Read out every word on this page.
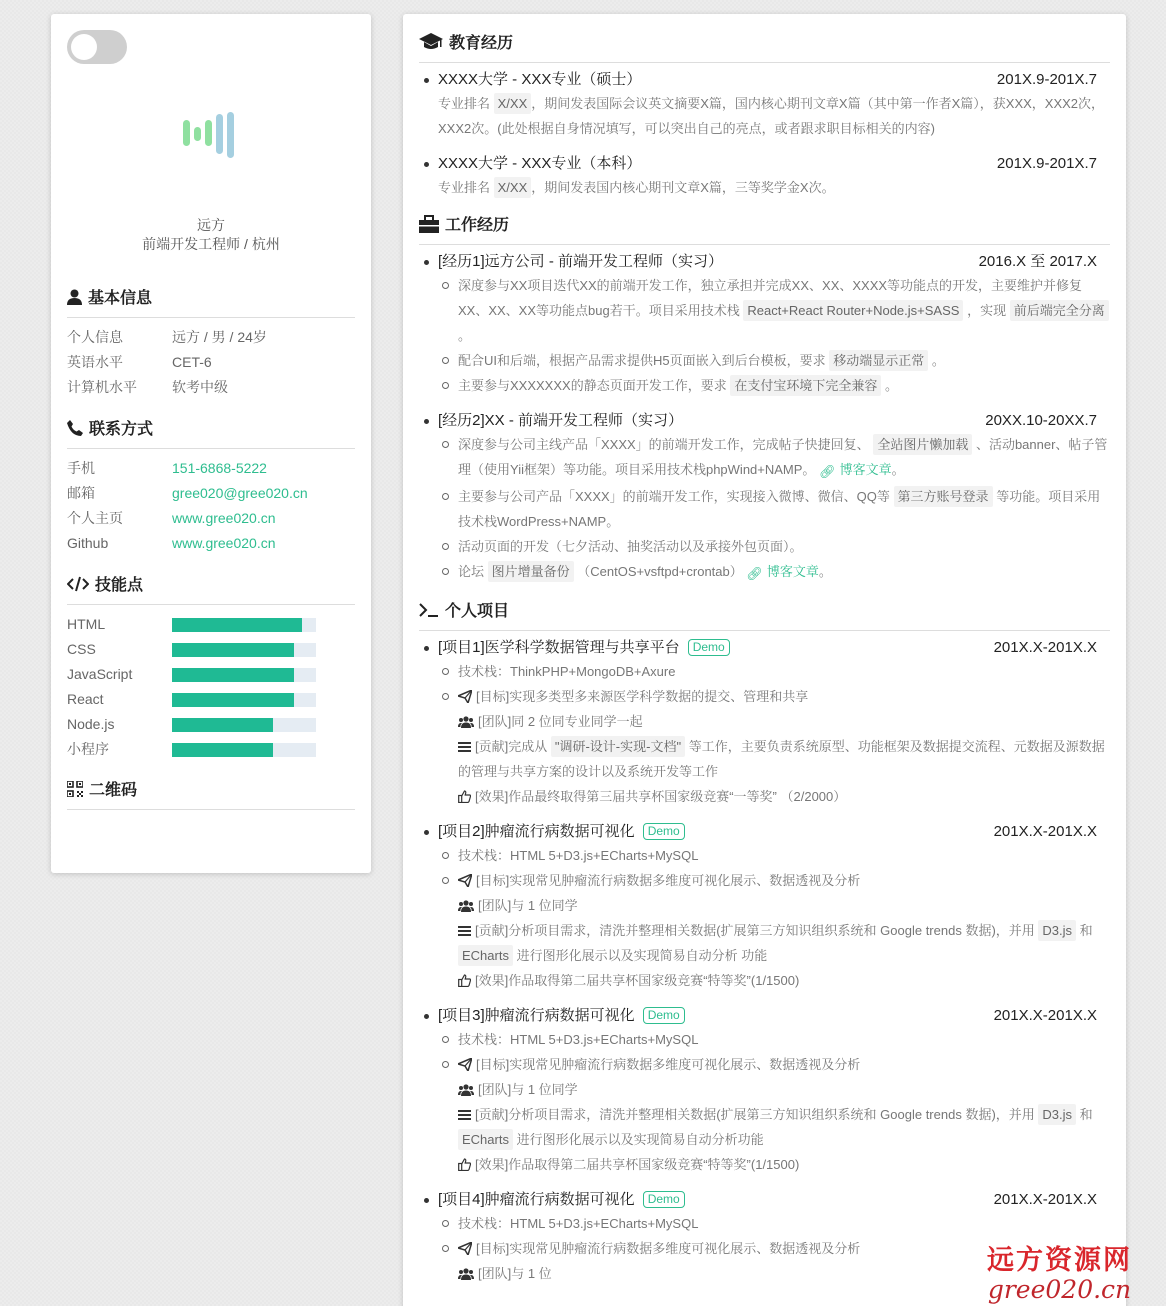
远方
前端开发工程师 / 杭州
基本信息
个人信息	远方 / 男 / 24岁
英语水平	CET-6
计算机水平	软考中级
联系方式
手机	151-6868-5222
邮箱	gree020@gree020.cn
个人主页	www.gree020.cn
Github	www.gree020.cn
技能点
HTML
CSS
JavaScript
React
Node.js
小程序
二维码
教育经历
XXXX大学 - XXX专业（硕士）	201X.9-201X.7
专业排名 X/XX ，期间发表国际会议英文摘要X篇，国内核心期刊文章X篇（其中第一作者X篇），获XXX，XXX2次，XXX2次。(此处根据自身情况填写，可以突出自己的亮点，或者跟求职目标相关的内容)
XXXX大学 - XXX专业（本科）	201X.9-201X.7
专业排名 X/XX ，期间发表国内核心期刊文章X篇，三等奖学金X次。
工作经历
[经历1]远方公司 - 前端开发工程师（实习）	2016.X 至 2017.X
深度参与XX项目迭代XX的前端开发工作，独立承担并完成XX、XX、XXXX等功能点的开发，主要维护并修复XX、XX、XX等功能点bug若干。项目采用技术栈 React+React Router+Node.js+SASS ，实现 前后端完全分离 。
配合UI和后端，根据产品需求提供H5页面嵌入到后台模板，要求 移动端显示正常 。
主要参与XXXXXXX的静态页面开发工作，要求 在支付宝环境下完全兼容 。
[经历2]XX - 前端开发工程师（实习）	20XX.10-20XX.7
深度参与公司主线产品「XXXX」的前端开发工作，完成帖子快捷回复、 全站图片懒加载 、活动banner、帖子管理（使用Yii框架）等功能。项目采用技术栈phpWind+NAMP。 🔗︎ 博客文章。
主要参与公司产品「XXXX」的前端开发工作，实现接入微博、微信、QQ等 第三方账号登录 等功能。项目采用技术栈WordPress+NAMP。
活动页面的开发（七夕活动、抽奖活动以及承接外包页面）。
论坛 图片增量备份 （CentOS+vsftpd+crontab） 🔗︎ 博客文章。
个人项目
[项目1]医学科学数据管理与共享平台 Demo	201X.X-201X.X
技术栈：ThinkPHP+MongoDB+Axure
[目标]实现多类型多来源医学科学数据的提交、管理和共享
[团队]同 2 位同专业同学一起
[贡献]完成从 "调研-设计-实现-文档" 等工作，主要负责系统原型、功能框架及数据提交流程、元数据及源数据的管理与共享方案的设计以及系统开发等工作
[效果]作品最终取得第三届共享杯国家级竞赛“一等奖” （2/2000）
[项目2]肿瘤流行病数据可视化 Demo	201X.X-201X.X
技术栈：HTML 5+D3.js+ECharts+MySQL
[目标]实现常见肿瘤流行病数据多维度可视化展示、数据透视及分析
[团队]与 1 位同学
[贡献]分析项目需求，清洗并整理相关数据(扩展第三方知识组织系统和 Google trends 数据)，并用 D3.js 和 ECharts 进行图形化展示以及实现简易自动分析 功能
[效果]作品取得第二届共享杯国家级竞赛“特等奖”(1/1500)
[项目3]肿瘤流行病数据可视化 Demo	201X.X-201X.X
技术栈：HTML 5+D3.js+ECharts+MySQL
[目标]实现常见肿瘤流行病数据多维度可视化展示、数据透视及分析
[团队]与 1 位同学
[贡献]分析项目需求，清洗并整理相关数据(扩展第三方知识组织系统和 Google trends 数据)，并用 D3.js 和 ECharts 进行图形化展示以及实现简易自动分析功能
[效果]作品取得第二届共享杯国家级竞赛“特等奖”(1/1500)
[项目4]肿瘤流行病数据可视化 Demo	201X.X-201X.X
技术栈：HTML 5+D3.js+ECharts+MySQL
[目标]实现常见肿瘤流行病数据多维度可视化展示、数据透视及分析
[团队]与 1 位	远方资源网
gree020.cn
